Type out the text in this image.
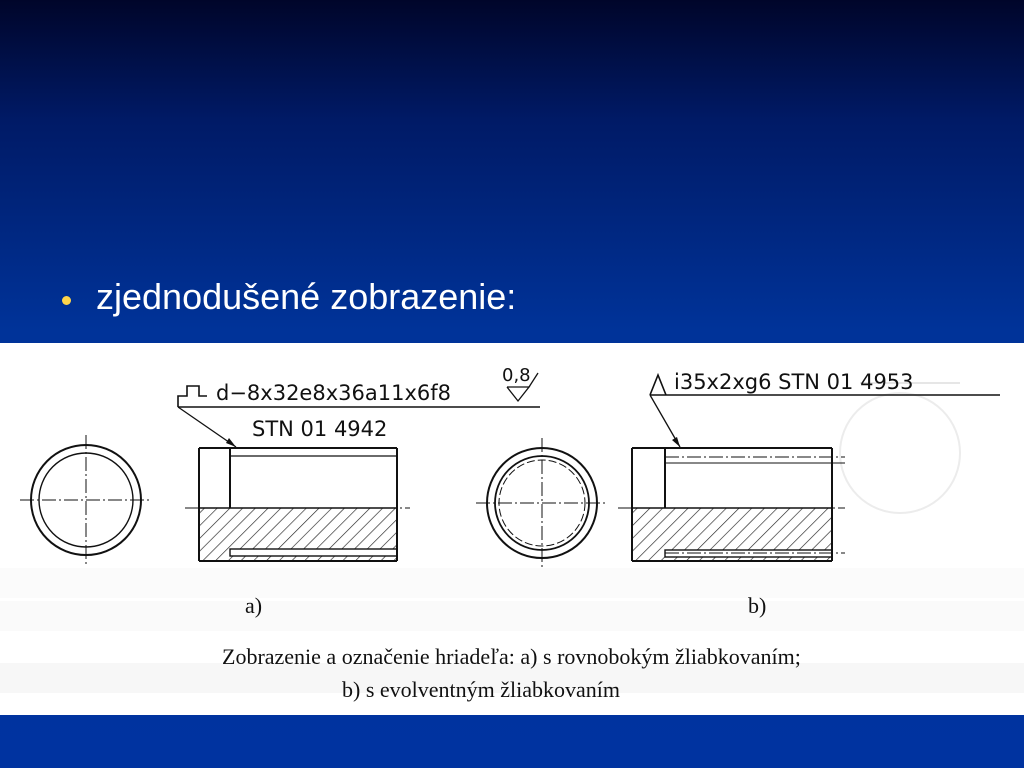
zjednodušené zobrazenie:
d−8x32e8x36a11x6f8
0,8
STN 01 4942
a)
i35x2xg6 STN 01 4953
b)
Zobrazenie a označenie hriadeľa: a) s rovnobokým žliabkovaním;
b) s evolventným žliabkovaním
